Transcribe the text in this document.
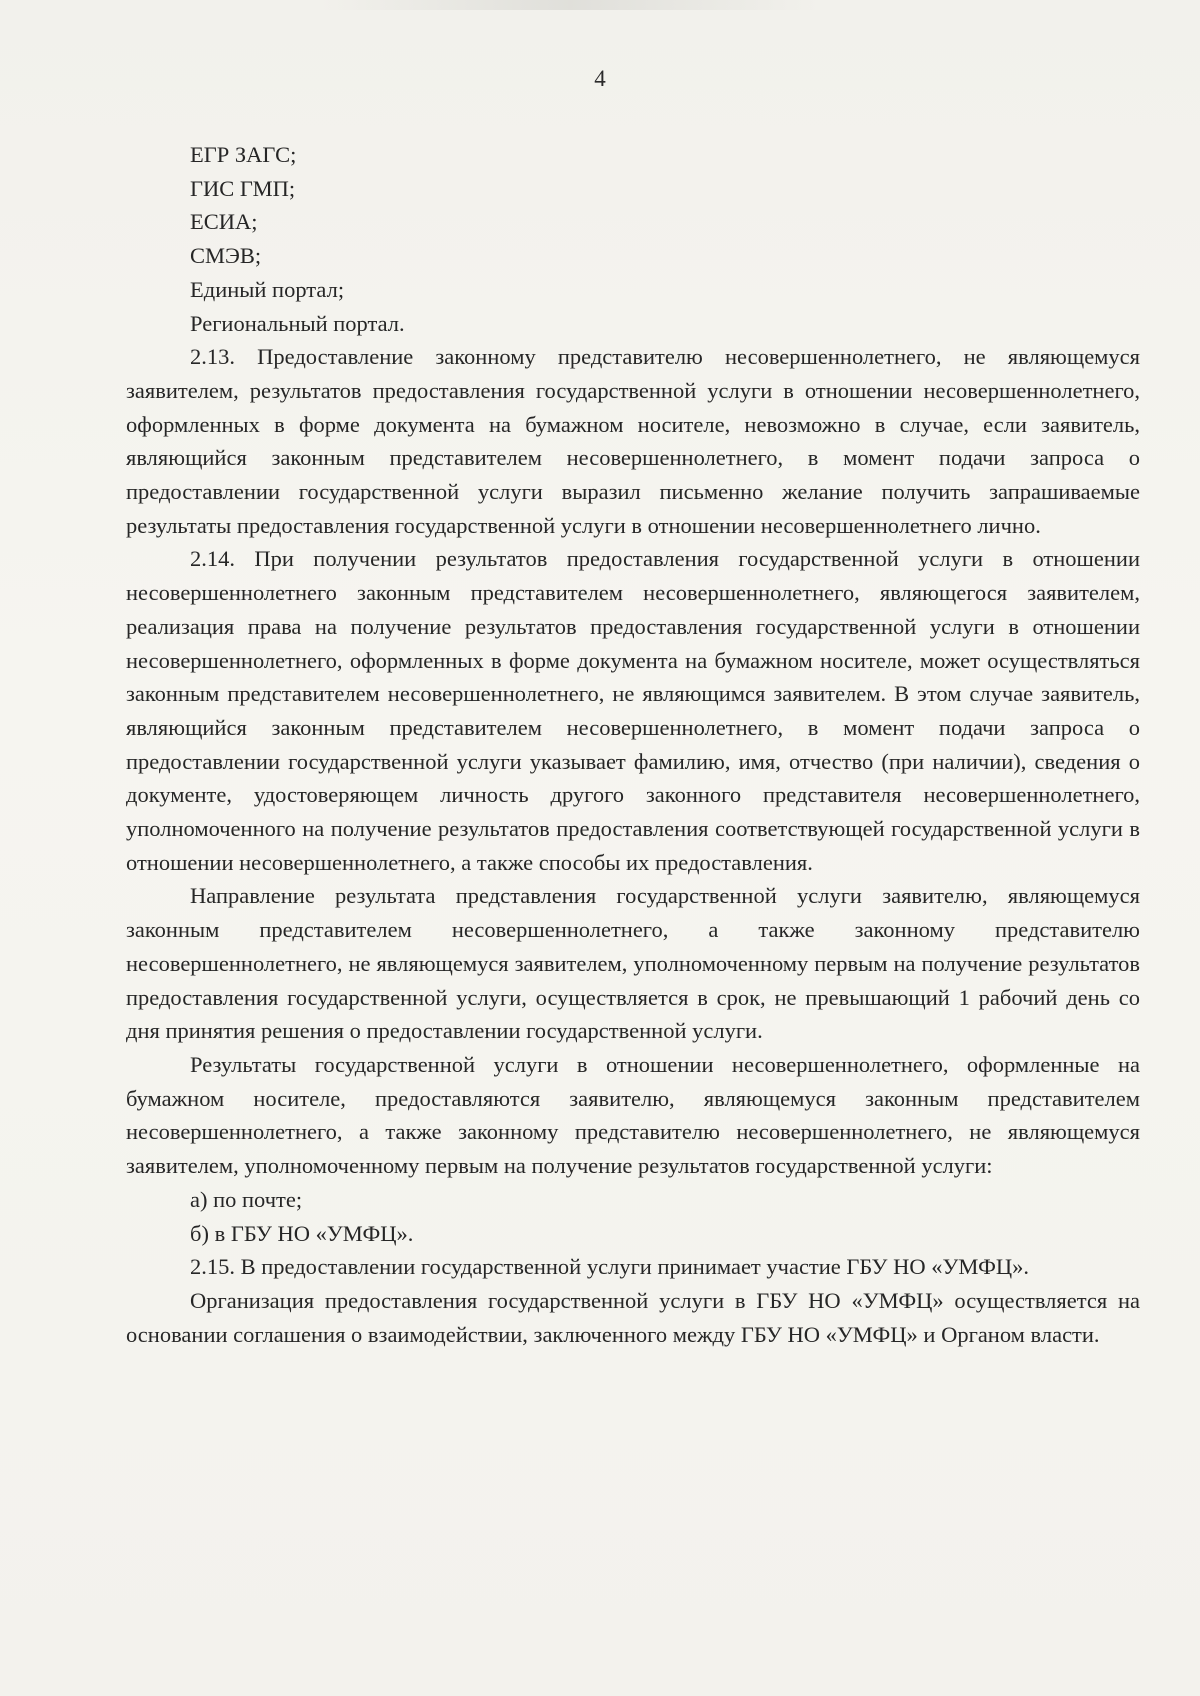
4
ЕГР ЗАГС;
ГИС ГМП;
ЕСИА;
СМЭВ;
Единый портал;
Региональный портал.

2.13. Предоставление законному представителю несовершеннолетнего, не являющемуся заявителем, результатов предоставления государственной услуги в отношении несовершеннолетнего, оформленных в форме документа на бумажном носителе, невозможно в случае, если заявитель, являющийся законным представителем несовершеннолетнего, в момент подачи запроса о предоставлении государственной услуги выразил письменно желание получить запрашиваемые результаты предоставления государственной услуги в отношении несовершеннолетнего лично.

2.14. При получении результатов предоставления государственной услуги в отношении несовершеннолетнего законным представителем несовершеннолетнего, являющегося заявителем, реализация права на получение результатов предоставления государственной услуги в отношении несовершеннолетнего, оформленных в форме документа на бумажном носителе, может осуществляться законным представителем несовершеннолетнего, не являющимся заявителем. В этом случае заявитель, являющийся законным представителем несовершеннолетнего, в момент подачи запроса о предоставлении государственной услуги указывает фамилию, имя, отчество (при наличии), сведения о документе, удостоверяющем личность другого законного представителя несовершеннолетнего, уполномоченного на получение результатов предоставления соответствующей государственной услуги в отношении несовершеннолетнего, а также способы их предоставления.

Направление результата представления государственной услуги заявителю, являющемуся законным представителем несовершеннолетнего, а также законному представителю несовершеннолетнего, не являющемуся заявителем, уполномоченному первым на получение результатов предоставления государственной услуги, осуществляется в срок, не превышающий 1 рабочий день со дня принятия решения о предоставлении государственной услуги.

Результаты государственной услуги в отношении несовершеннолетнего, оформленные на бумажном носителе, предоставляются заявителю, являющемуся законным представителем несовершеннолетнего, а также законному представителю несовершеннолетнего, не являющемуся заявителем, уполномоченному первым на получение результатов государственной услуги:

а) по почте;
б) в ГБУ НО «УМФЦ».

2.15. В предоставлении государственной услуги принимает участие ГБУ НО «УМФЦ».

Организация предоставления государственной услуги в ГБУ НО «УМФЦ» осуществляется на основании соглашения о взаимодействии, заключенного между ГБУ НО «УМФЦ» и Органом власти.
